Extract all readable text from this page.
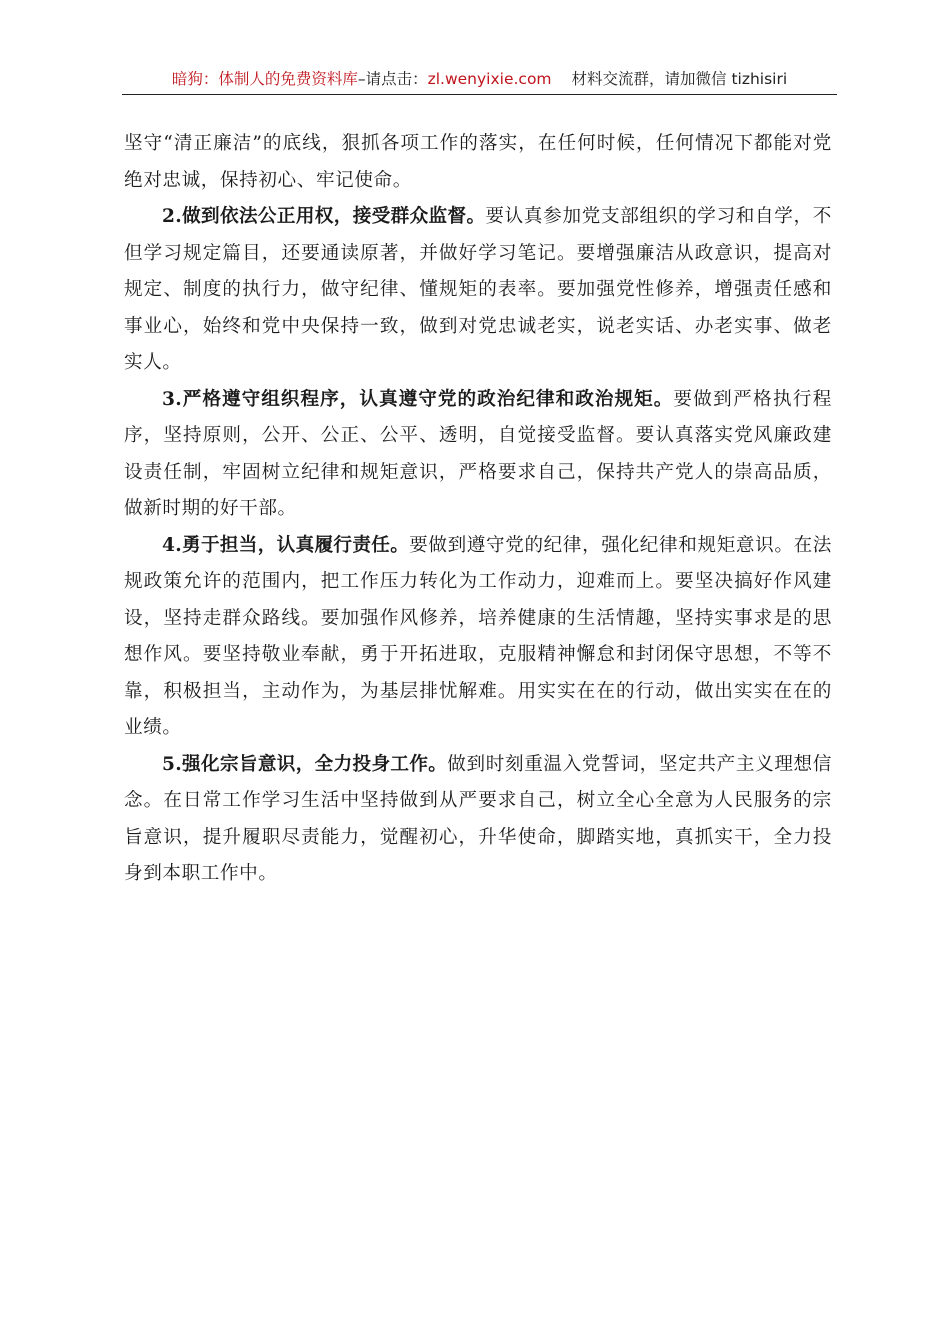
暗狗：体制人的免费资料库–请点击：zl.wenyixie.com 材料交流群，请加微信 tizhisiri

坚守“清正廉洁”的底线，狠抓各项工作的落实，在任何时候，任何情况下都能对党绝对忠诚，保持初心、牢记使命。

2.做到依法公正用权，接受群众监督。要认真参加党支部组织的学习和自学，不但学习规定篇目，还要通读原著，并做好学习笔记。要增强廉洁从政意识，提高对规定、制度的执行力，做守纪律、懂规矩的表率。要加强党性修养，增强责任感和事业心，始终和党中央保持一致，做到对党忠诚老实，说老实话、办老实事、做老实人。

3.严格遵守组织程序，认真遵守党的政治纪律和政治规矩。要做到严格执行程序，坚持原则，公开、公正、公平、透明，自觉接受监督。要认真落实党风廉政建设责任制，牢固树立纪律和规矩意识，严格要求自己，保持共产党人的崇高品质，做新时期的好干部。

4.勇于担当，认真履行责任。要做到遵守党的纪律，强化纪律和规矩意识。在法规政策允许的范围内，把工作压力转化为工作动力，迎难而上。要坚决搞好作风建设，坚持走群众路线。要加强作风修养，培养健康的生活情趣，坚持实事求是的思想作风。要坚持敬业奉献，勇于开拓进取，克服精神懈怠和封闭保守思想，不等不靠，积极担当，主动作为，为基层排忧解难。用实实在在的行动，做出实实在在的业绩。

5.强化宗旨意识，全力投身工作。做到时刻重温入党誓词，坚定共产主义理想信念。在日常工作学习生活中坚持做到从严要求自己，树立全心全意为人民服务的宗旨意识，提升履职尽责能力，觉醒初心，升华使命，脚踏实地，真抓实干，全力投身到本职工作中。
